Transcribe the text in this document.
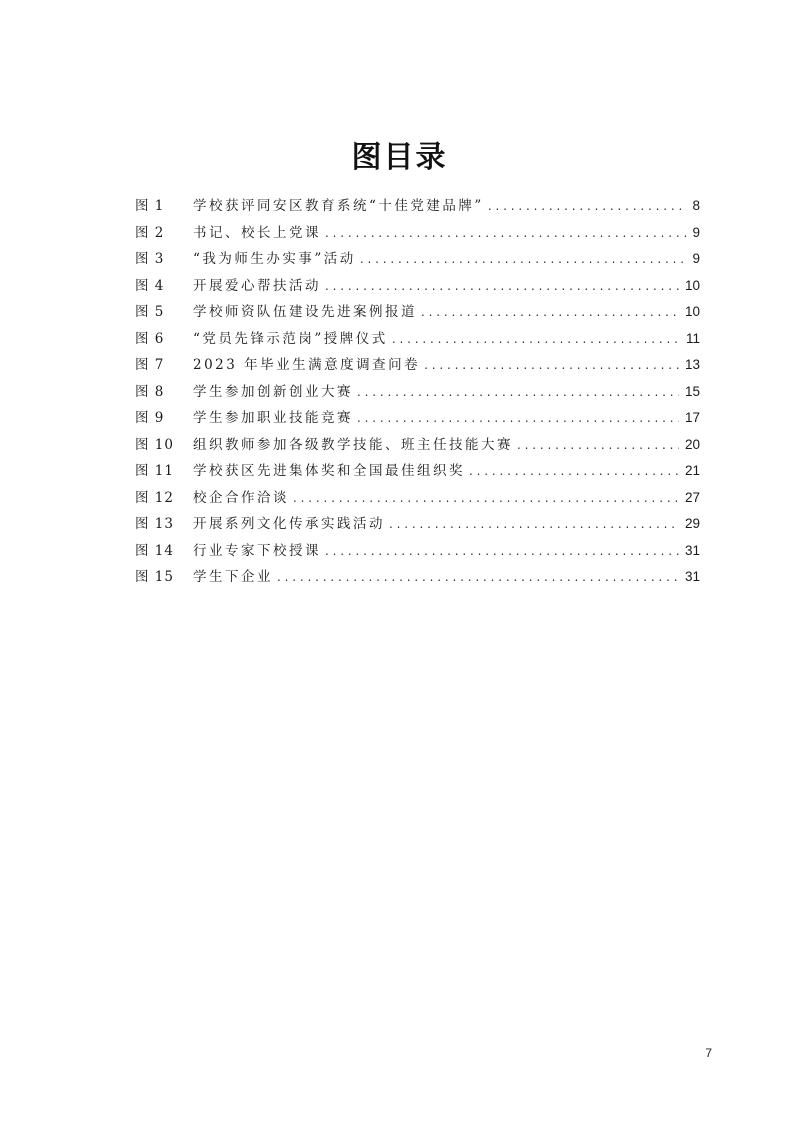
图目录
图 1	学校获评同安区教育系统“十佳党建品牌” . . .	8
图 2	书记、校长上党课 . . .	9
图 3	“我为师生办实事”活动 . . .	9
图 4	开展爱心帮扶活动 . . .	10
图 5	学校师资队伍建设先进案例报道 . . .	10
图 6	“党员先锋示范岗”授牌仪式 . . .	11
图 7	2023 年毕业生满意度调查问卷 . . .	13
图 8	学生参加创新创业大赛 . . .	15
图 9	学生参加职业技能竞赛 . . .	17
图 10	组织教师参加各级教学技能、班主任技能大赛 . . .	20
图 11	学校获区先进集体奖和全国最佳组织奖 . . .	21
图 12	校企合作洽谈 . . .	27
图 13	开展系列文化传承实践活动 . . .	29
图 14	行业专家下校授课 . . .	31
图 15	学生下企业 . . .	31
7
